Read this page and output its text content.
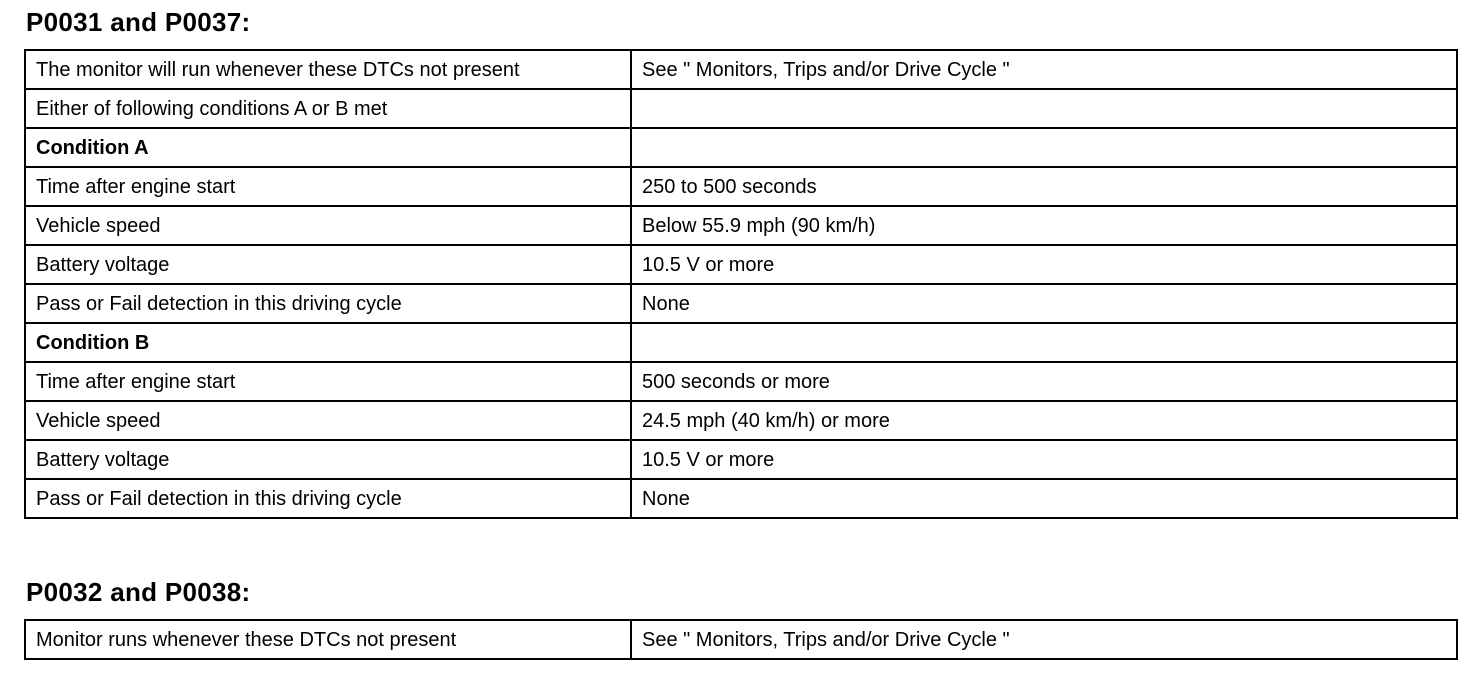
P0031 and P0037:
The monitor will run whenever these DTCs not present	See " Monitors, Trips and/or Drive Cycle "
Either of following conditions A or B met	
Condition A	
Time after engine start	250 to 500 seconds
Vehicle speed	Below 55.9 mph (90 km/h)
Battery voltage	10.5 V or more
Pass or Fail detection in this driving cycle	None
Condition B	
Time after engine start	500 seconds or more
Vehicle speed	24.5 mph (40 km/h) or more
Battery voltage	10.5 V or more
Pass or Fail detection in this driving cycle	None
P0032 and P0038:
Monitor runs whenever these DTCs not present	See " Monitors, Trips and/or Drive Cycle "
